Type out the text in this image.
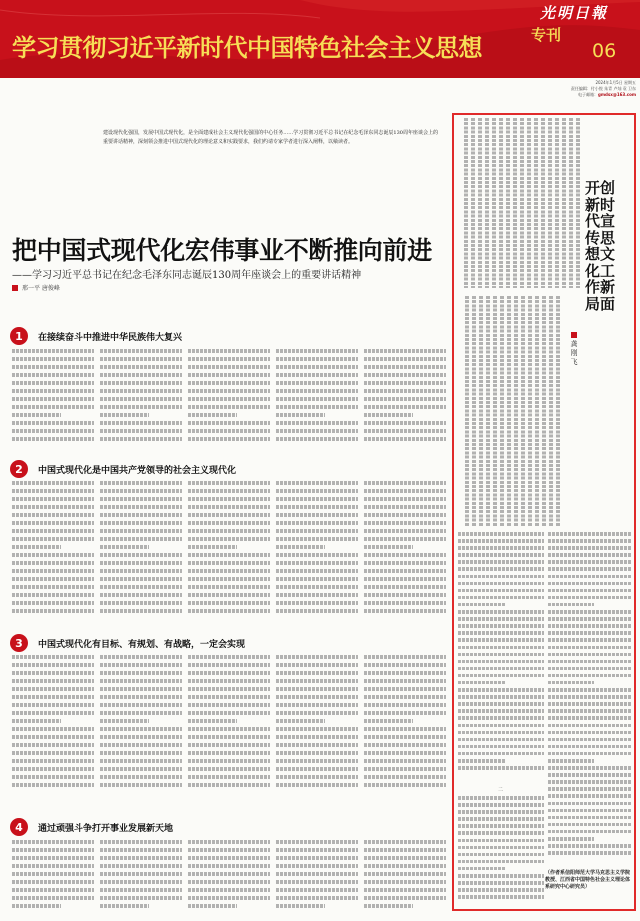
光明日報
学习贯彻习近平新时代中国特色社会主义思想	专刊
06
2024年1月5日 星期五
责任编辑：付小悦 朱青 卢灿 袁 卫东
电子邮箱：gmdsx@163.com
建设现代化强国，发展中国式现代化，是全面建成社会主义现代化强国的中心任务……学习贯彻习近平总书记在纪念毛泽东同志诞辰130周年座谈会上的重要讲话精神，深刻领会推进中国式现代化的理论意义和实践要求，我们约请专家学者进行深入阐释，以飨读者。
把中国式现代化宏伟事业不断推向前进
——学习习近平总书记在纪念毛泽东同志诞辰130周年座谈会上的重要讲话精神
邢一平 唐俊峰
1	在接续奋斗中推进中华民族伟大复兴
2	中国式现代化是中国共产党领导的社会主义现代化
3	中国式现代化有目标、有规划、有战略，一定会实现
4	通过顽强斗争打开事业发展新天地
开创新时代宣传思想文化工作新局面
龚刚飞
二
（作者系信阳师范大学马克思主义学院教授、江西省中国特色社会主义理论体系研究中心研究员）
